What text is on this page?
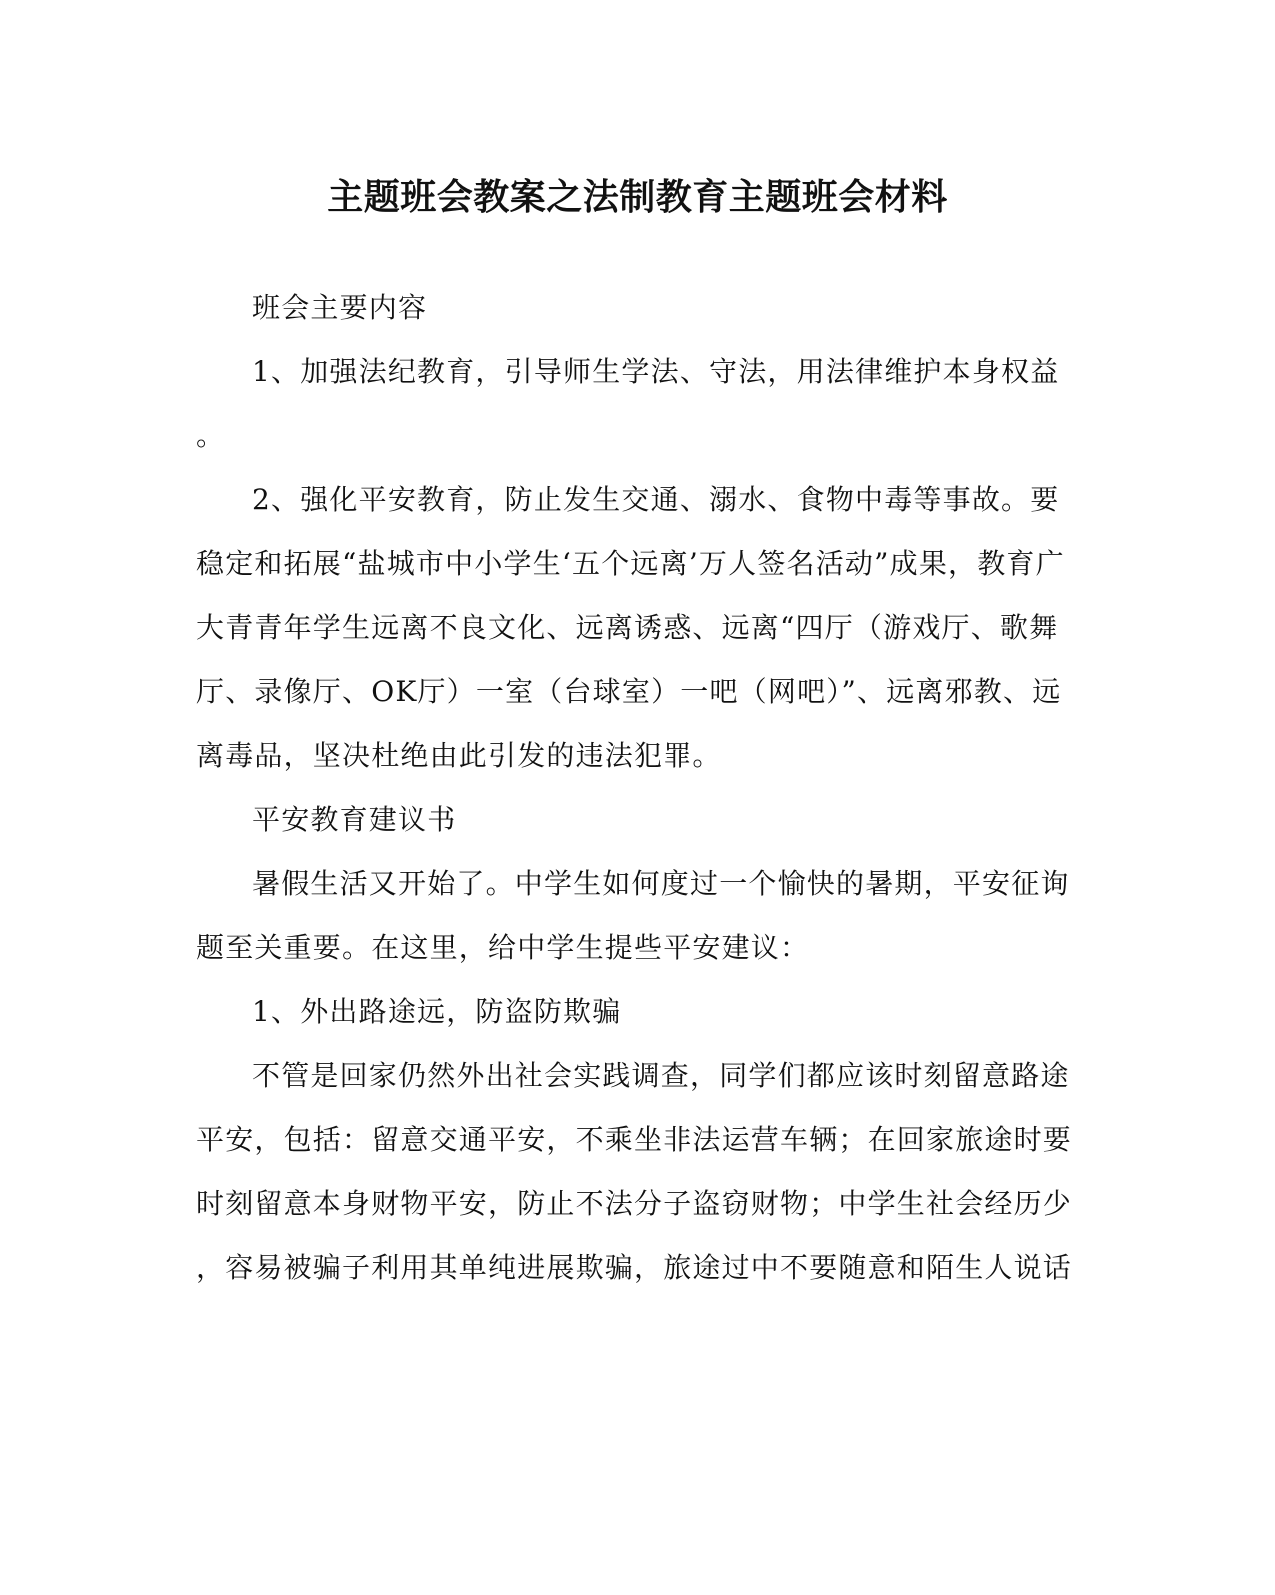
主题班会教案之法制教育主题班会材料
班会主要内容
1、加强法纪教育，引导师生学法、守法，用法律维护本身权益
。
2、强化平安教育，防止发生交通、溺水、食物中毒等事故。要
稳定和拓展“盐城市中小学生‘五个远离’万人签名活动”成果，教育广
大青青年学生远离不良文化、远离诱惑、远离“四厅（游戏厅、歌舞
厅、录像厅、OK厅）一室（台球室）一吧（网吧）”、远离邪教、远
离毒品，坚决杜绝由此引发的违法犯罪。
平安教育建议书
暑假生活又开始了。中学生如何度过一个愉快的暑期，平安征询
题至关重要。在这里，给中学生提些平安建议：
1、外出路途远，防盗防欺骗
不管是回家仍然外出社会实践调查，同学们都应该时刻留意路途
平安，包括：留意交通平安，不乘坐非法运营车辆；在回家旅途时要
时刻留意本身财物平安，防止不法分子盗窃财物；中学生社会经历少
，容易被骗子利用其单纯进展欺骗，旅途过中不要随意和陌生人说话
